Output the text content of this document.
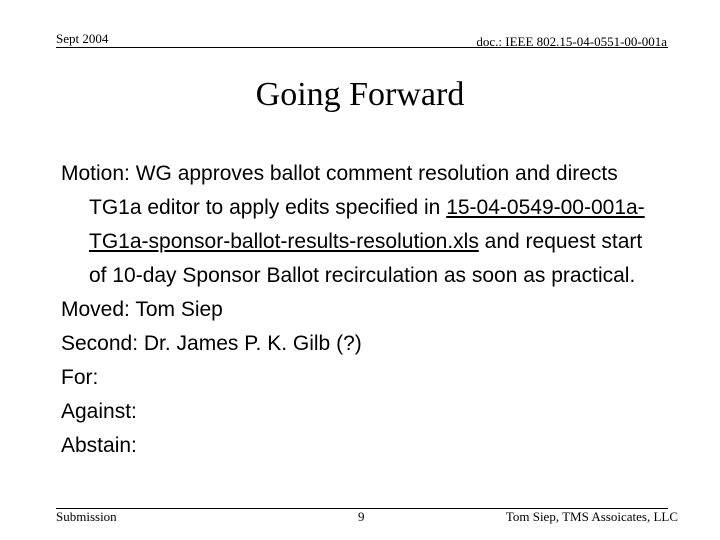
Sept 2004	doc.: IEEE 802.15-04-0551-00-001a
Going Forward

Motion: WG approves ballot comment resolution and directs TG1a editor to apply edits specified in 15-04-0549-00-001a-TG1a-sponsor-ballot-results-resolution.xls and request start of 10-day Sponsor Ballot recirculation as soon as practical.

Moved: Tom Siep

Second: Dr. James P. K. Gilb (?)

For:

Against:

Abstain:

Submission	9	Tom Siep, TMS Assoicates, LLC
